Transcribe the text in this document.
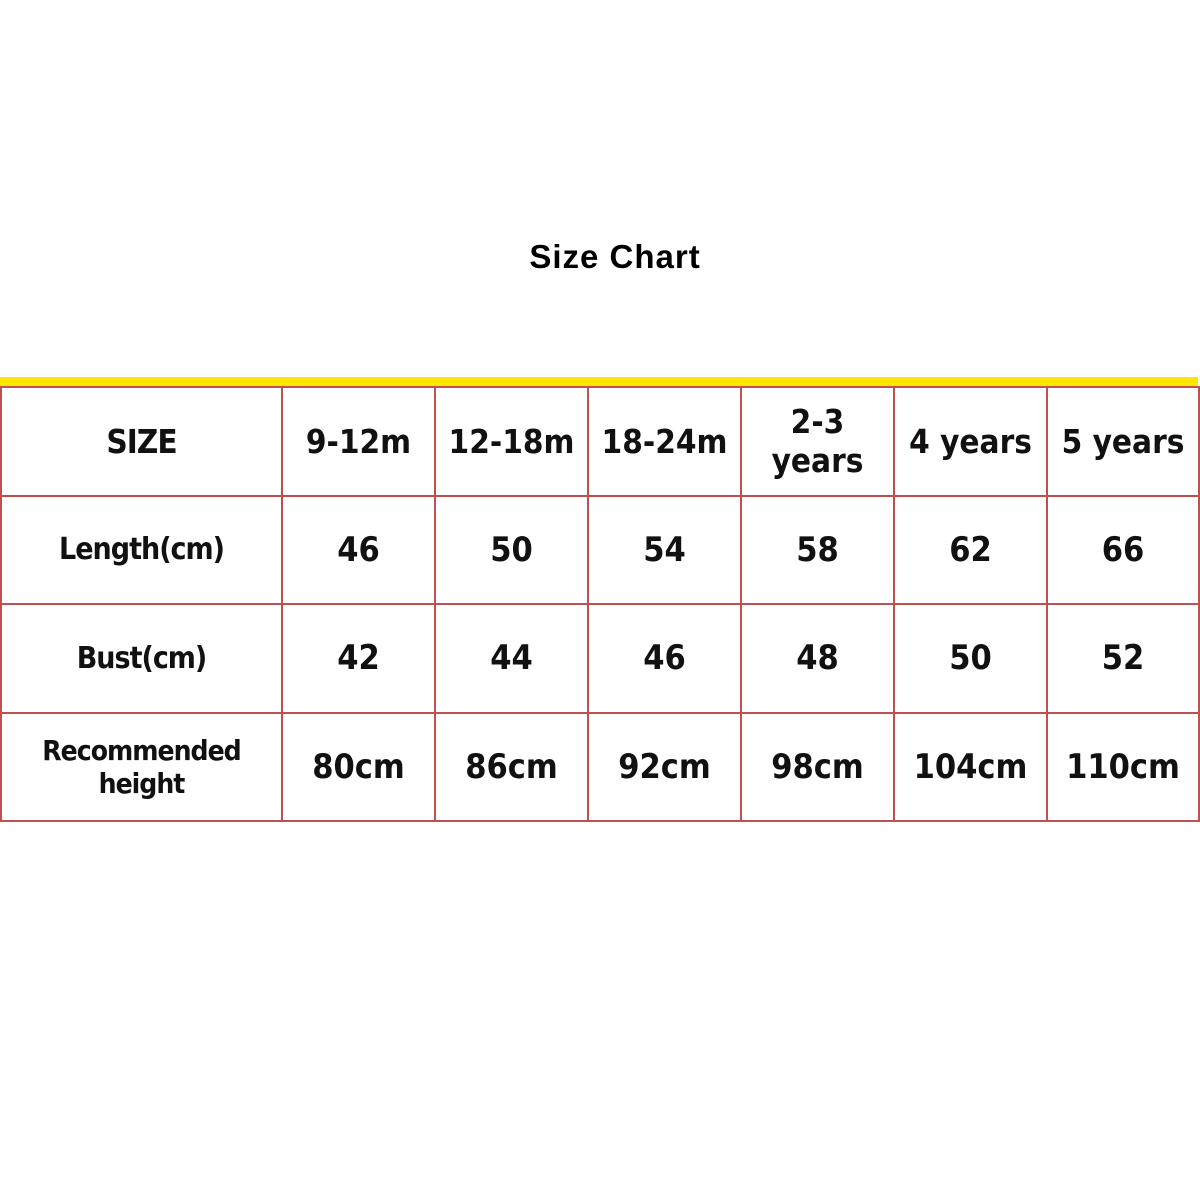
Size Chart
SIZE	9-12m	12-18m	18-24m	2-3 years	4 years	5 years
Length(cm)	46	50	54	58	62	66
Bust(cm)	42	44	46	48	50	52
Recommended height	80cm	86cm	92cm	98cm	104cm	110cm
